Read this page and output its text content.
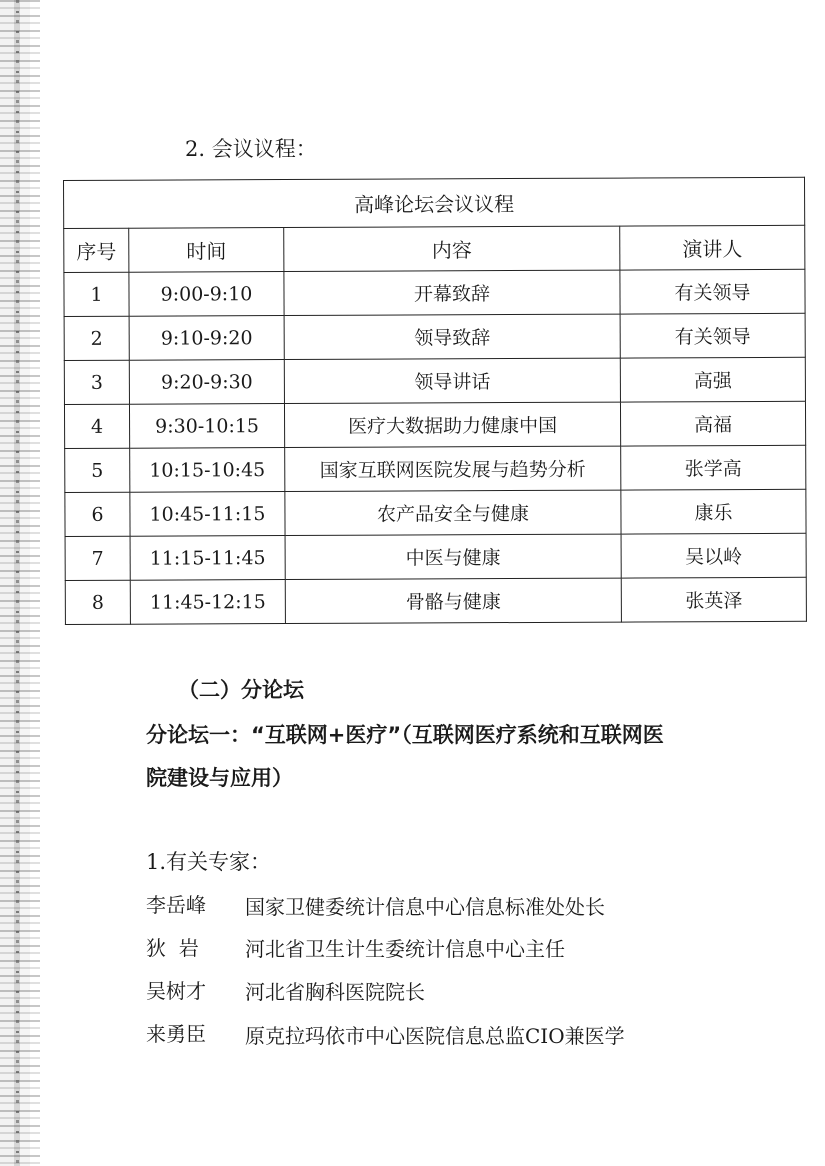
2. 会议议程：
高峰论坛会议议程			
序号	时间	内容	演讲人
1	9:00-9:10	开幕致辞	有关领导
2	9:10-9:20	领导致辞	有关领导
3	9:20-9:30	领导讲话	高强
4	9:30-10:15	医疗大数据助力健康中国	高福
5	10:15-10:45	国家互联网医院发展与趋势分析	张学高
6	10:45-11:15	农产品安全与健康	康乐
7	11:15-11:45	中医与健康	吴以岭
8	11:45-12:15	骨骼与健康	张英泽
（二）分论坛
分论坛一：“互联网+医疗”（互联网医疗系统和互联网医
院建设与应用）
1.有关专家：
李岳峰 国家卫健委统计信息中心信息标准处处长
狄  岩 河北省卫生计生委统计信息中心主任
吴树才 河北省胸科医院院长
来勇臣 原克拉玛依市中心医院信息总监CIO兼医学
